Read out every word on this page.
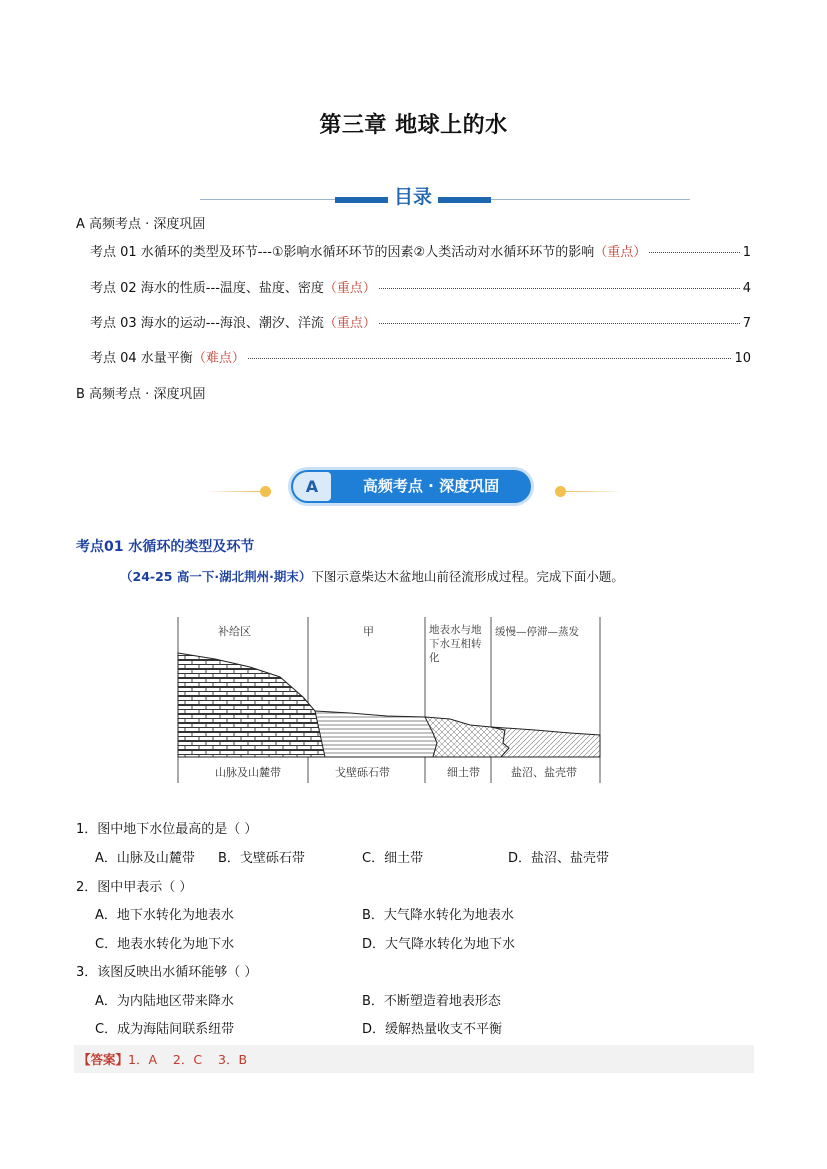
第三章 地球上的水
目录
A 高频考点 · 深度巩固
考点 01 水循环的类型及环节---①影响水循环环节的因素②人类活动对水循环环节的影响 （重点）	1
考点 02 海水的性质---温度、盐度、密度 （重点）	4
考点 03 海水的运动---海浪、潮汐、洋流 （重点）	7
考点 04 水量平衡 （难点）	10
B 高频考点 · 深度巩固
A	高频考点 · 深度巩固
考点01 水循环的类型及环节
（24-25 高一下·湖北荆州·期末）下图示意柴达木盆地山前径流形成过程。完成下面小题。
补给区	甲	地表水与地下水互相转化
缓慢—停滞—蒸发
山脉及山麓带	戈壁砾石带	细土带	盐沼、盐壳带
1．图中地下水位最高的是（ ）
A．山脉及山麓带 B．戈壁砾石带	C．细土带	D．盐沼、盐壳带
2．图中甲表示（ ）
A．地下水转化为地表水	B．大气降水转化为地表水
C．地表水转化为地下水	D．大气降水转化为地下水
3．该图反映出水循环能够（ ）
A．为内陆地区带来降水	B．不断塑造着地表形态
C．成为海陆间联系纽带	D．缓解热量收支不平衡
【答案】1．A    2．C    3．B
